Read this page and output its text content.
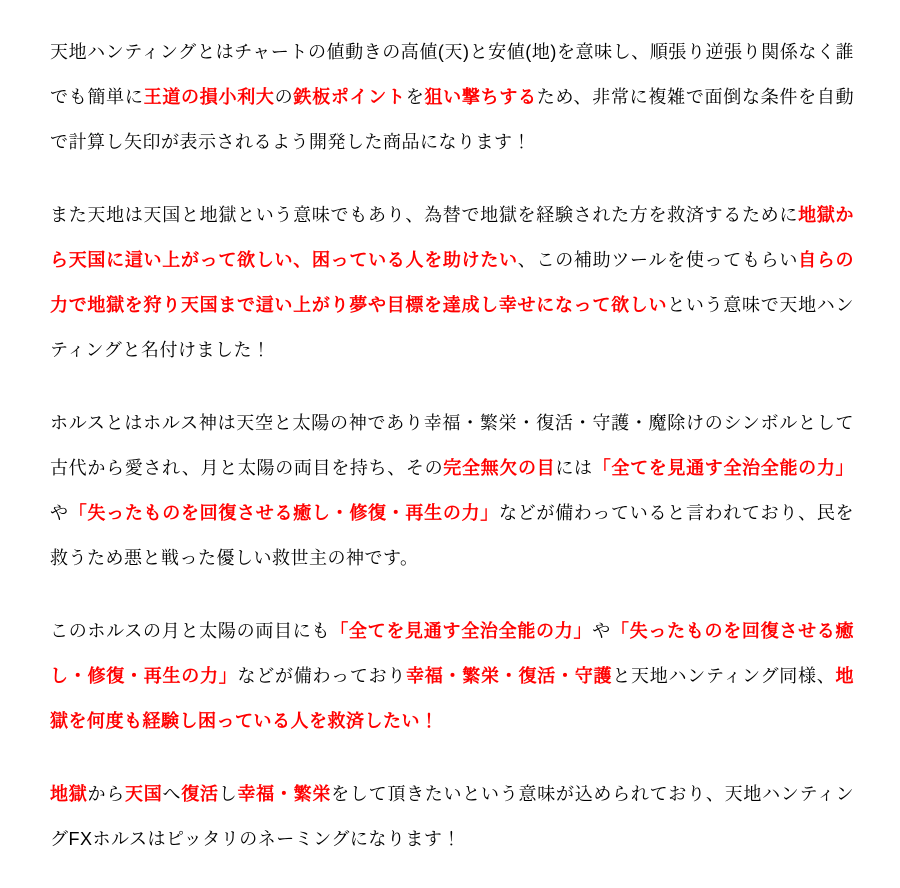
天地ハンティングとはチャートの値動きの高値(天)と安値(地)を意味し、順張り逆張り関係なく誰でも簡単に王道の損小利大の鉄板ポイントを狙い撃ちするため、非常に複雑で面倒な条件を自動で計算し矢印が表示されるよう開発した商品になります！

また天地は天国と地獄という意味でもあり、為替で地獄を経験された方を救済するために地獄から天国に這い上がって欲しい、困っている人を助けたい、この補助ツールを使ってもらい自らの力で地獄を狩り天国まで這い上がり夢や目標を達成し幸せになって欲しいという意味で天地ハンティングと名付けました！

ホルスとはホルス神は天空と太陽の神であり幸福・繁栄・復活・守護・魔除けのシンボルとして古代から愛され、月と太陽の両目を持ち、その完全無欠の目には「全てを見通す全治全能の力」や「失ったものを回復させる癒し・修復・再生の力」などが備わっていると言われており、民を救うため悪と戦った優しい救世主の神です。

このホルスの月と太陽の両目にも「全てを見通す全治全能の力」や「失ったものを回復させる癒し・修復・再生の力」などが備わっており幸福・繁栄・復活・守護と天地ハンティング同様、地獄を何度も経験し困っている人を救済したい！

地獄から天国へ復活し幸福・繁栄をして頂きたいという意味が込められており、天地ハンティングFXホルスはピッタリのネーミングになります！
